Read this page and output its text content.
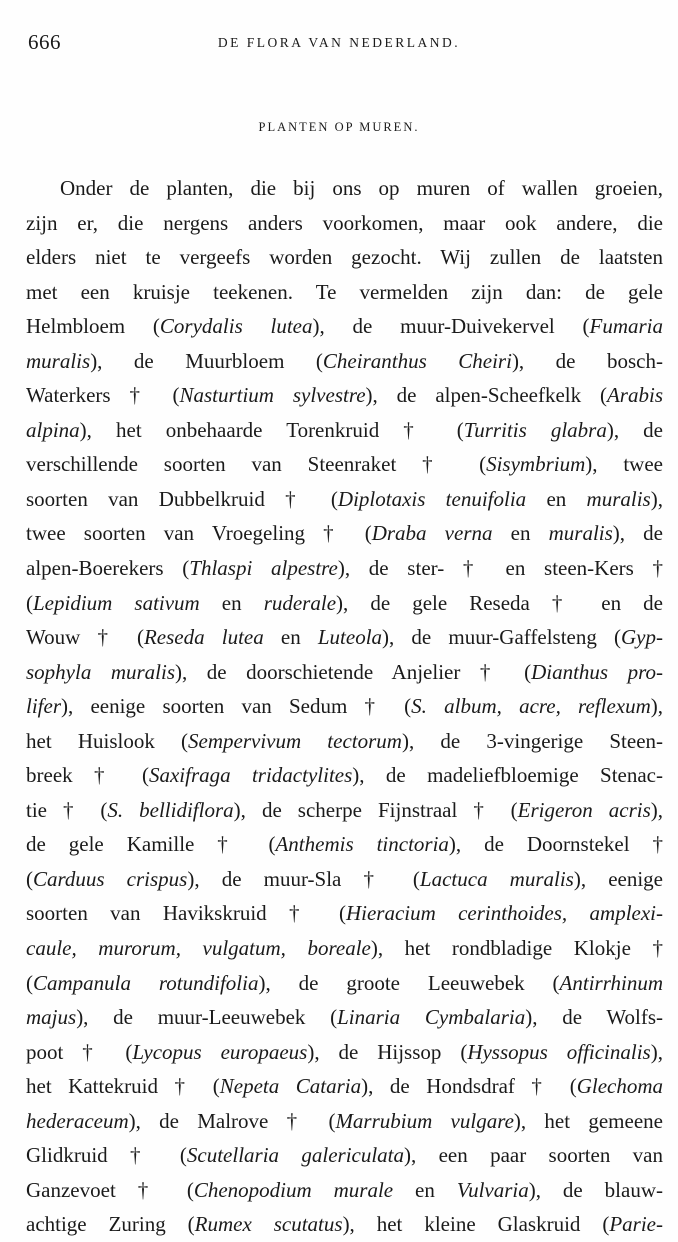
666	DE FLORA VAN NEDERLAND.
PLANTEN OP MUREN.
Onder de planten, die bij ons op muren of wallen groeien,
zijn er, die nergens anders voorkomen, maar ook andere, die
elders niet te vergeefs worden gezocht. Wij zullen de laatsten
met een kruisje teekenen. Te vermelden zijn dan: de gele
Helmbloem (Corydalis lutea), de muur-Duivekervel (Fumaria
muralis), de Muurbloem (Cheiranthus Cheiri), de bosch-
Waterkers † (Nasturtium sylvestre), de alpen-Scheefkelk (Arabis
alpina), het onbehaarde Torenkruid † (Turritis glabra), de
verschillende soorten van Steenraket † (Sisymbrium), twee
soorten van Dubbelkruid † (Diplotaxis tenuifolia en muralis),
twee soorten van Vroegeling † (Draba verna en muralis), de
alpen-Boerekers (Thlaspi alpestre), de ster- † en steen-Kers †
(Lepidium sativum en ruderale), de gele Reseda † en de
Wouw † (Reseda lutea en Luteola), de muur-Gaffelsteng (Gyp-
sophyla muralis), de doorschietende Anjelier † (Dianthus pro-
lifer), eenige soorten van Sedum † (S. album, acre, reflexum),
het Huislook (Sempervivum tectorum), de 3-vingerige Steen-
breek † (Saxifraga tridactylites), de madeliefbloemige Stenac-
tie † (S. bellidiflora), de scherpe Fijnstraal † (Erigeron acris),
de gele Kamille † (Anthemis tinctoria), de Doornstekel †
(Carduus crispus), de muur-Sla † (Lactuca muralis), eenige
soorten van Havikskruid † (Hieracium cerinthoides, amplexi-
caule, murorum, vulgatum, boreale), het rondbladige Klokje †
(Campanula rotundifolia), de groote Leeuwebek (Antirrhinum
majus), de muur-Leeuwebek (Linaria Cymbalaria), de Wolfs-
poot † (Lycopus europaeus), de Hijssop (Hyssopus officinalis),
het Kattekruid † (Nepeta Cataria), de Hondsdraf † (Glechoma
hederaceum), de Malrove † (Marrubium vulgare), het gemeene
Glidkruid † (Scutellaria galericulata), een paar soorten van
Ganzevoet † (Chenopodium murale en Vulvaria), de blauw-
achtige Zuring (Rumex scutatus), het kleine Glaskruid (Parie-
